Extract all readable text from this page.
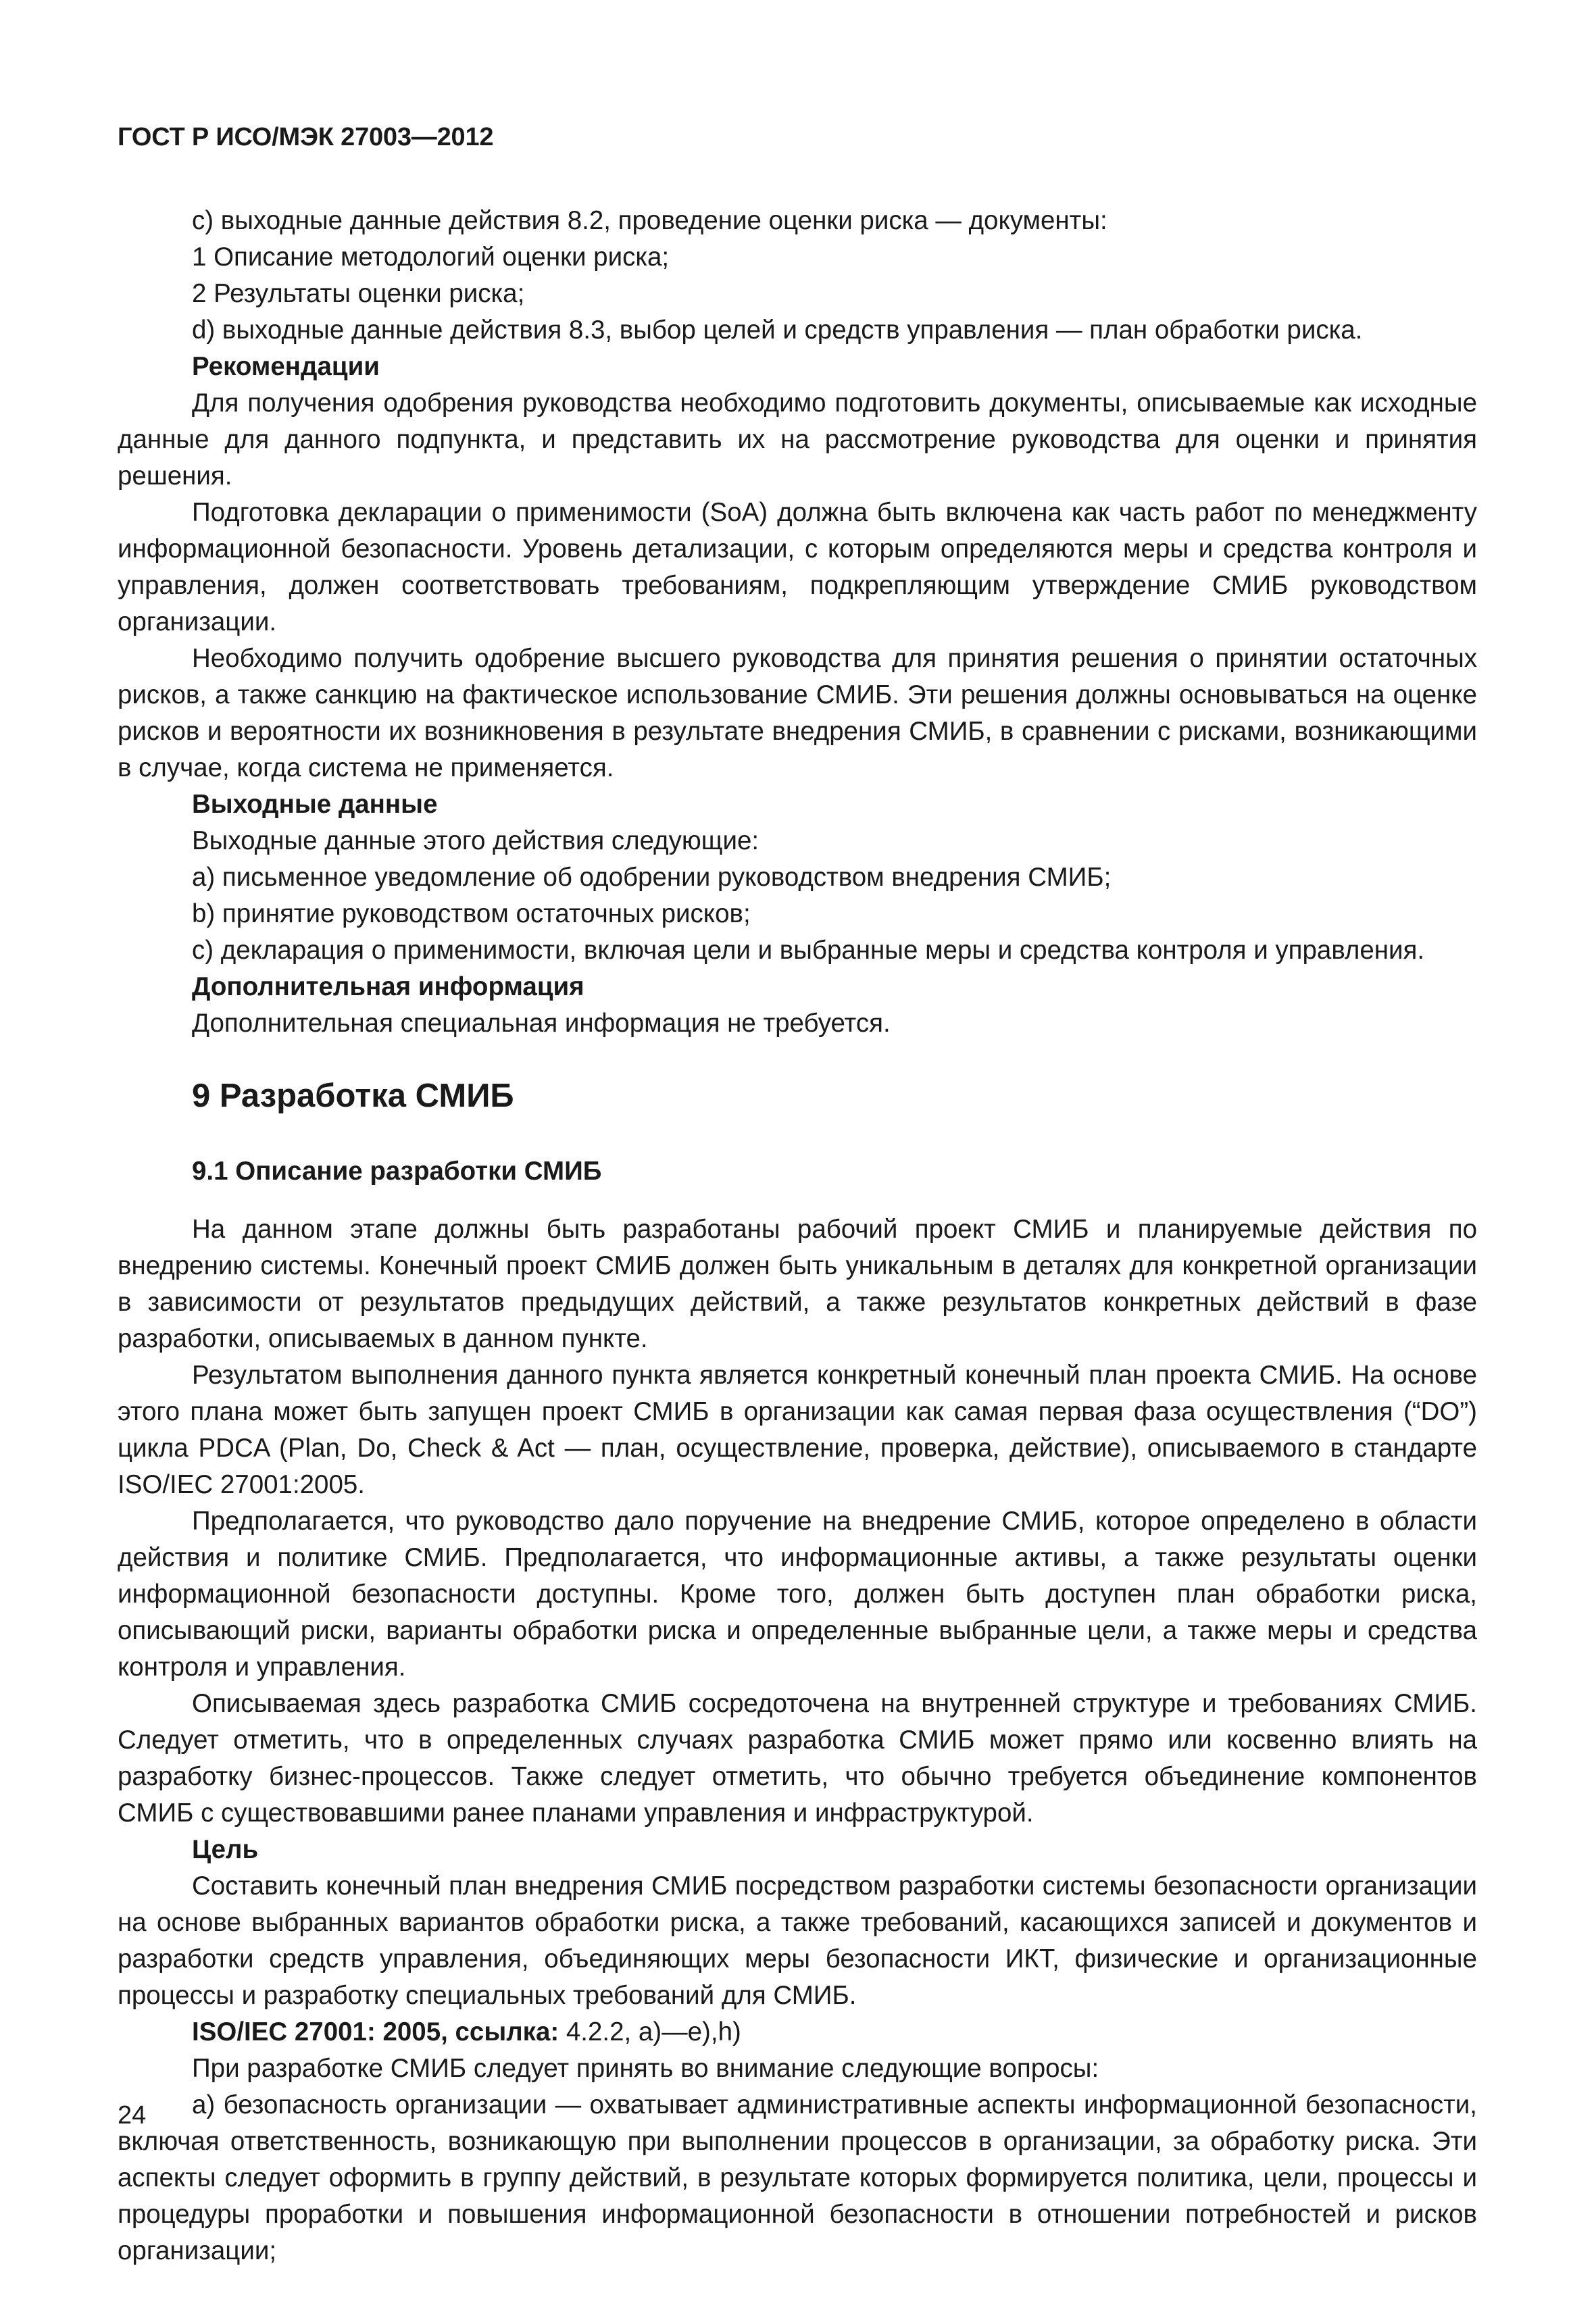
ГОСТ Р ИСО/МЭК 27003—2012

c) выходные данные действия 8.2, проведение оценки риска — документы:

1 Описание методологий оценки риска;

2 Результаты оценки риска;

d) выходные данные действия 8.3, выбор целей и средств управления — план обработки риска.

Рекомендации

Для получения одобрения руководства необходимо подготовить документы, описываемые как исходные данные для данного подпункта, и представить их на рассмотрение руководства для оценки и принятия решения.

Подготовка декларации о применимости (SoA) должна быть включена как часть работ по менеджменту информационной безопасности. Уровень детализации, с которым определяются меры и средства контроля и управления, должен соответствовать требованиям, подкрепляющим утверждение СМИБ руководством организации.

Необходимо получить одобрение высшего руководства для принятия решения о принятии остаточных рисков, а также санкцию на фактическое использование СМИБ. Эти решения должны основываться на оценке рисков и вероятности их возникновения в результате внедрения СМИБ, в сравнении с рисками, возникающими в случае, когда система не применяется.

Выходные данные

Выходные данные этого действия следующие:

а) письменное уведомление об одобрении руководством внедрения СМИБ;

b) принятие руководством остаточных рисков;

с) декларация о применимости, включая цели и выбранные меры и средства контроля и управления.

Дополнительная информация

Дополнительная специальная информация не требуется.

9 Разработка СМИБ

9.1 Описание разработки СМИБ

На данном этапе должны быть разработаны рабочий проект СМИБ и планируемые действия по внедрению системы. Конечный проект СМИБ должен быть уникальным в деталях для конкретной организации в зависимости от результатов предыдущих действий, а также результатов конкретных действий в фазе разработки, описываемых в данном пункте.

Результатом выполнения данного пункта является конкретный конечный план проекта СМИБ. На основе этого плана может быть запущен проект СМИБ в организации как самая первая фаза осуществления (“DO”) цикла PDCA (Plan, Do, Check & Act — план, осуществление, проверка, действие), описываемого в стандарте ISO/IEC 27001:2005.

Предполагается, что руководство дало поручение на внедрение СМИБ, которое определено в области действия и политике СМИБ. Предполагается, что информационные активы, а также результаты оценки информационной безопасности доступны. Кроме того, должен быть доступен план обработки риска, описывающий риски, варианты обработки риска и определенные выбранные цели, а также меры и средства контроля и управления.

Описываемая здесь разработка СМИБ сосредоточена на внутренней структуре и требованиях СМИБ. Следует отметить, что в определенных случаях разработка СМИБ может прямо или косвенно влиять на разработку бизнес-процессов. Также следует отметить, что обычно требуется объединение компонентов СМИБ с существовавшими ранее планами управления и инфраструктурой.

Цель

Составить конечный план внедрения СМИБ посредством разработки системы безопасности организации на основе выбранных вариантов обработки риска, а также требований, касающихся записей и документов и разработки средств управления, объединяющих меры безопасности ИКТ, физические и организационные процессы и разработку специальных требований для СМИБ.

ISO/IEC 27001: 2005, ссылка: 4.2.2, а)—е),h)

При разработке СМИБ следует принять во внимание следующие вопросы:

а) безопасность организации — охватывает административные аспекты информационной безопасности, включая ответственность, возникающую при выполнении процессов в организации, за обработку риска. Эти аспекты следует оформить в группу действий, в результате которых формируется политика, цели, процессы и процедуры проработки и повышения информационной безопасности в отношении потребностей и рисков организации;

24
